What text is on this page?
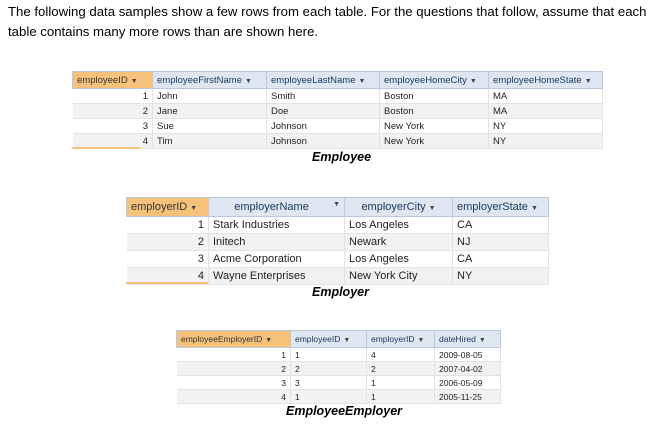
The following data samples show a few rows from each table. For the questions that follow, assume that each table contains many more rows than are shown here.
employeeID ▼	employeeFirstName ▼	employeeLastName ▼	employeeHomeCity ▼	employeeHomeState ▼
1	John	Smith	Boston	MA
2	Jane	Doe	Boston	MA
3	Sue	Johnson	New York	NY
4	Tim	Johnson	New York	NY
Employee
employerID ▼	employerName ▼	employerCity ▼	employerState ▼
1	Stark Industries	Los Angeles	CA
2	Initech	Newark	NJ
3	Acme Corporation	Los Angeles	CA
4	Wayne Enterprises	New York City	NY
Employer
employeeEmployerID ▼	employeeID ▼	employerID ▼	dateHired ▼
1	1	4	2009-08-05
2	2	2	2007-04-02
3	3	1	2006-05-09
4	1	1	2005-11-25
EmployeeEmployer
